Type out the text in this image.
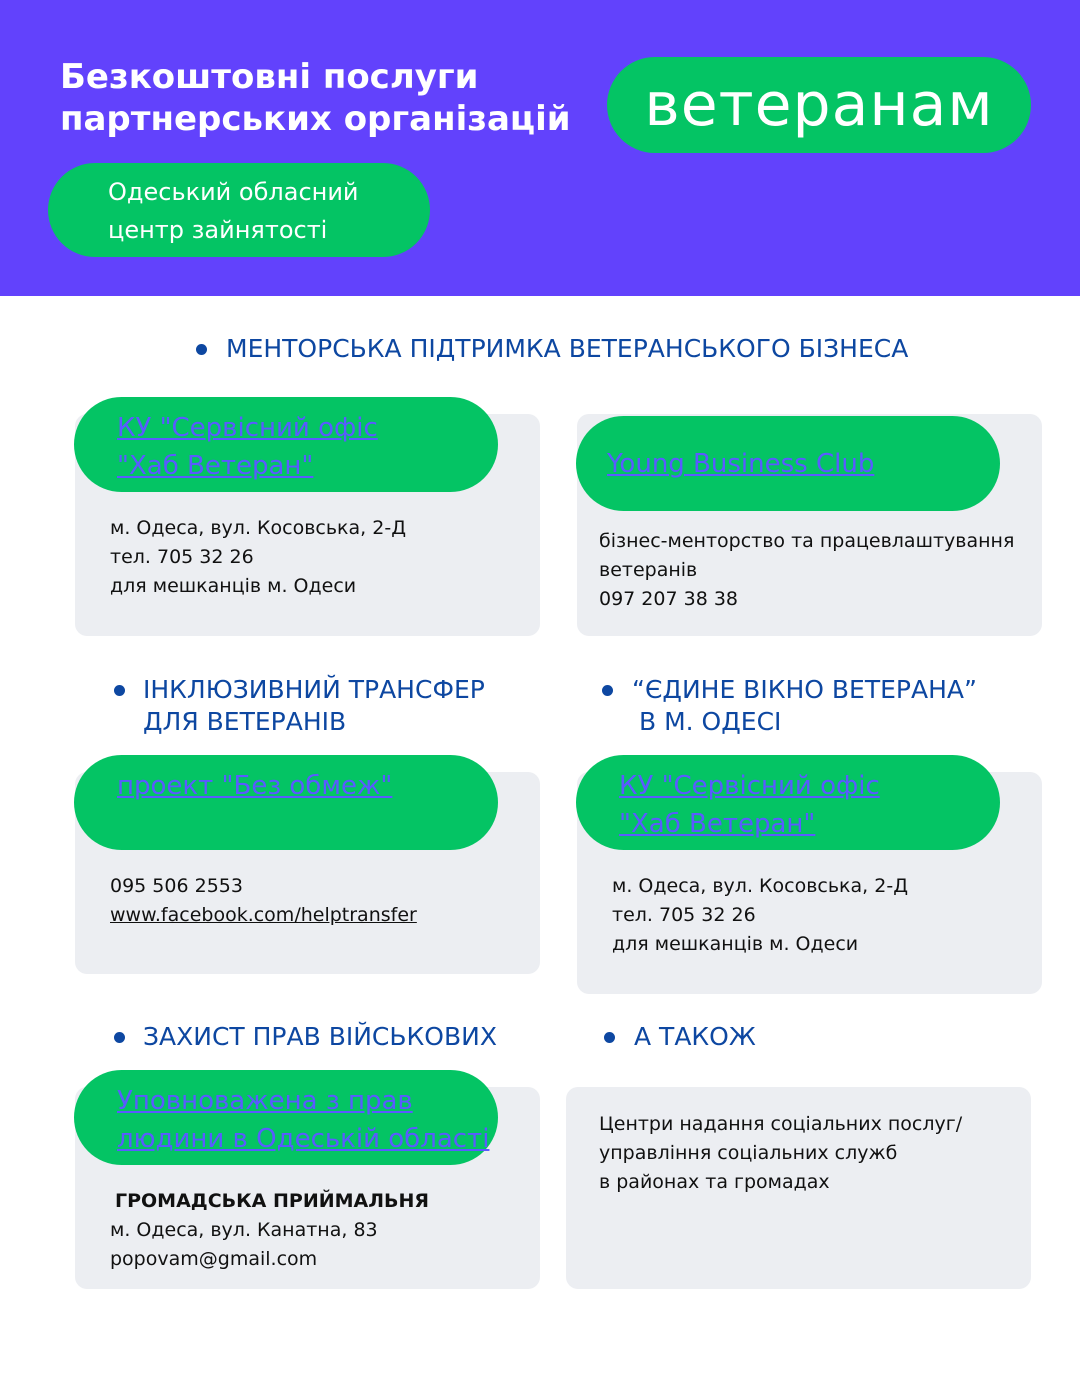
Безкоштовні послуги
партнерських організацій	ветеранам
Одеський обласний
центр зайнятості
МЕНТОРСЬКА ПІДТРИМКА ВЕТЕРАНСЬКОГО БІЗНЕСА
КУ "Сервісний офіс
"Хаб Ветеран"
м. Одеса, вул. Косовська, 2-Д
тел. 705 32 26
для мешканців м. Одеси
Young Business Club
бізнес-менторство та працевлаштування
ветеранів
097 207 38 38
ІНКЛЮЗИВНИЙ ТРАНСФЕР
ДЛЯ ВЕТЕРАНІВ
“ЄДИНЕ ВІКНО ВЕТЕРАНА”
В М. ОДЕСІ
проект "Без обмеж"
095 506 2553
www.facebook.com/helptransfer
КУ "Сервісний офіс
"Хаб Ветеран"
м. Одеса, вул. Косовська, 2-Д
тел. 705 32 26
для мешканців м. Одеси
ЗАХИСТ ПРАВ ВІЙСЬКОВИХ	А ТАКОЖ
Уповноважена з прав
людини в Одеській області
ГРОМАДСЬКА ПРИЙМАЛЬНЯ
м. Одеса, вул. Канатна, 83
popovam@gmail.com
Центри надання соціальних послуг/
управління соціальних служб
в районах та громадах
